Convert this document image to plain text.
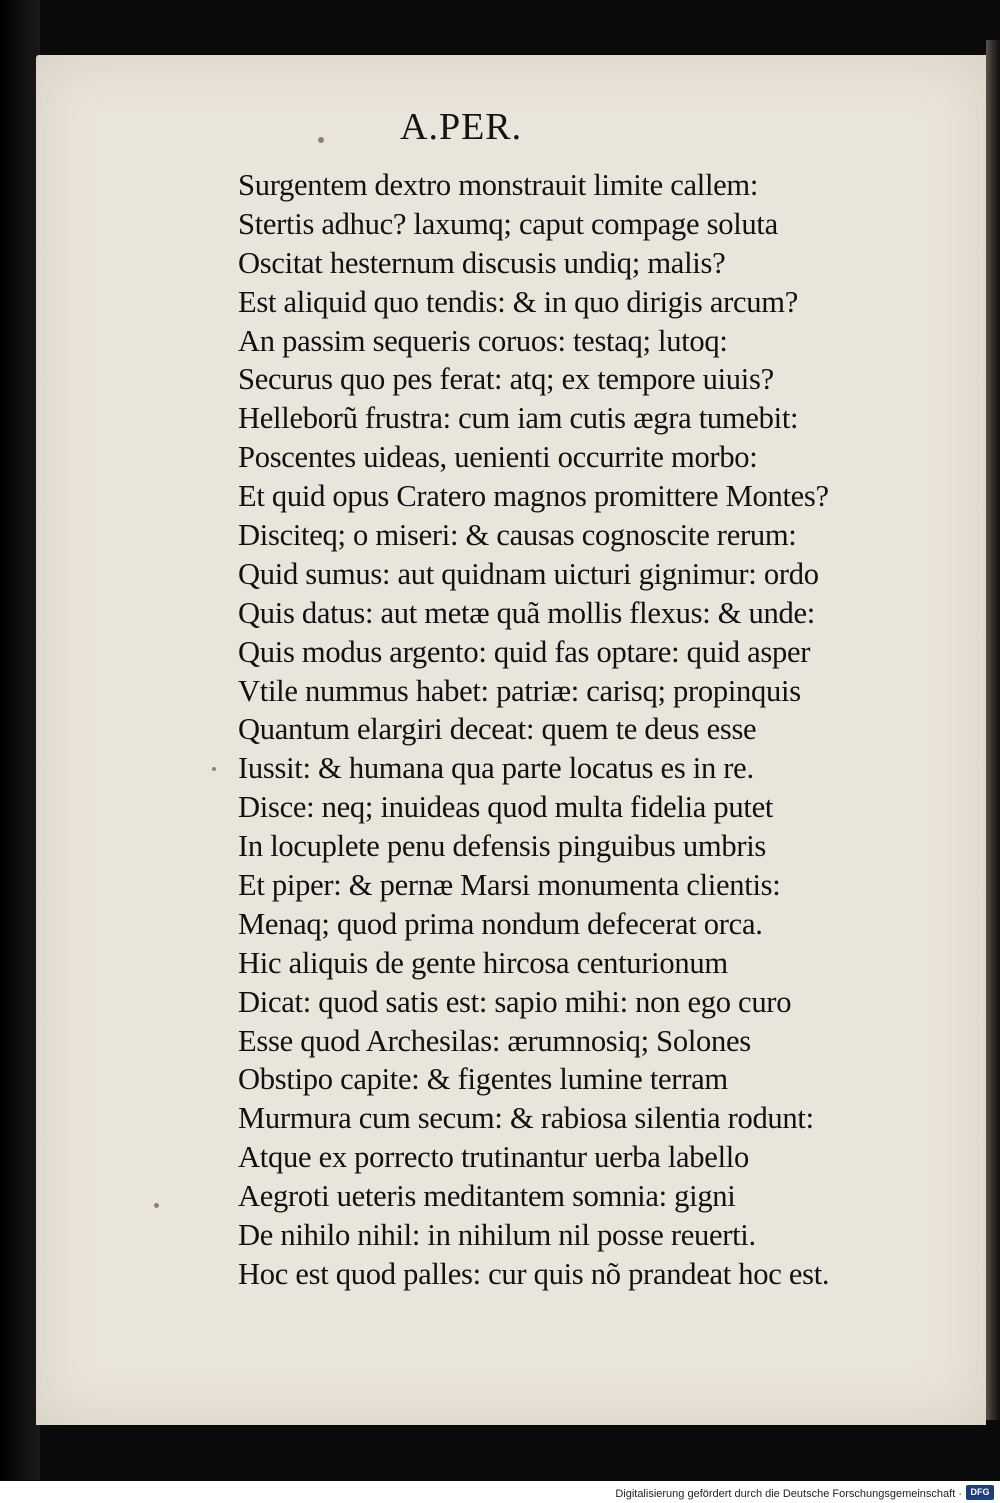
A.PER.
Surgentem dextro monstrauit limite callem:
Stertis adhuc? laxumq; caput compage soluta
Oscitat hesternum discusis undiq; malis?
Est aliquid quo tendis: & in quo dirigis arcum?
An passim sequeris coruos: testaq; lutoq:
Securus quo pes ferat: atq; ex tempore uiuis?
Helleborũ frustra: cum iam cutis ægra tumebit:
Poscentes uideas, uenienti occurrite morbo:
Et quid opus Cratero magnos promittere Montes?
Disciteq; o miseri: & causas cognoscite rerum:
Quid sumus: aut quidnam uicturi gignimur: ordo
Quis datus: aut metæ quã mollis flexus: & unde:
Quis modus argento: quid fas optare: quid asper
Vtile nummus habet: patriæ: carisq; propinquis
Quantum elargiri deceat: quem te deus esse
Iussit: & humana qua parte locatus es in re.
Disce: neq; inuideas quod multa fidelia putet
In locuplete penu defensis pinguibus umbris
Et piper: & pernæ Marsi monumenta clientis:
Menaq; quod prima nondum defecerat orca.
Hic aliquis de gente hircosa centurionum
Dicat: quod satis est: sapio mihi: non ego curo
Esse quod Archesilas: ærumnosiq; Solones
Obstipo capite: & figentes lumine terram
Murmura cum secum: & rabiosa silentia rodunt:
Atque ex porrecto trutinantur uerba labello
Aegroti ueteris meditantem somnia: gigni
De nihilo nihil: in nihilum nil posse reuerti.
Hoc est quod palles: cur quis nõ prandeat hoc est.
Digitalisierung gefördert durch die Deutsche Forschungsgemeinschaft · DFG
